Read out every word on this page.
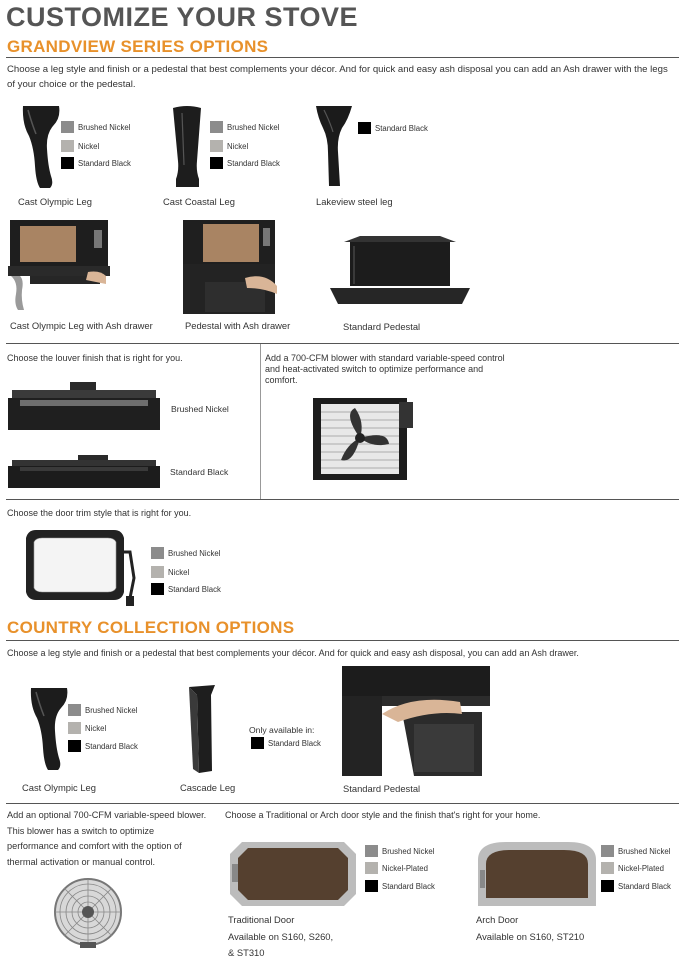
CUSTOMIZE YOUR STOVE
GRANDVIEW SERIES OPTIONS
Choose a leg style and finish or a pedestal that best complements your décor. And for quick and easy ash disposal you can add an Ash drawer with the legs of your choice or the pedestal.
Brushed Nickel
Nickel
Standard Black
Cast Olympic Leg
Brushed Nickel
Nickel
Standard Black
Cast Coastal Leg
Standard Black
Lakeview steel leg
Cast Olympic Leg with Ash drawer	Pedestal with Ash drawer	Standard Pedestal
Choose the louver finish that is right for you.
Brushed Nickel
Standard Black
Add a 700-CFM blower with standard variable-speed control and heat-activated switch to optimize performance and comfort.
Choose the door trim style that is right for you.
Brushed Nickel
Nickel
Standard Black
COUNTRY COLLECTION OPTIONS
Choose a leg style and finish or a pedestal that best complements your décor. And for quick and easy ash disposal, you can add an Ash drawer.
Brushed Nickel
Nickel
Standard Black
Cast Olympic Leg
Only available in:
Standard Black
Cascade Leg	Standard Pedestal
Add an optional 700-CFM variable-speed blower. This blower has a switch to optimize performance and comfort with the option of thermal activation or manual control.
Choose a Traditional or Arch door style and the finish that's right for your home.
Brushed Nickel
Nickel-Plated
Standard Black
Traditional Door
Available on S160, S260,
& ST310
Brushed Nickel
Nickel-Plated
Standard Black
Arch Door
Available on S160, ST210
